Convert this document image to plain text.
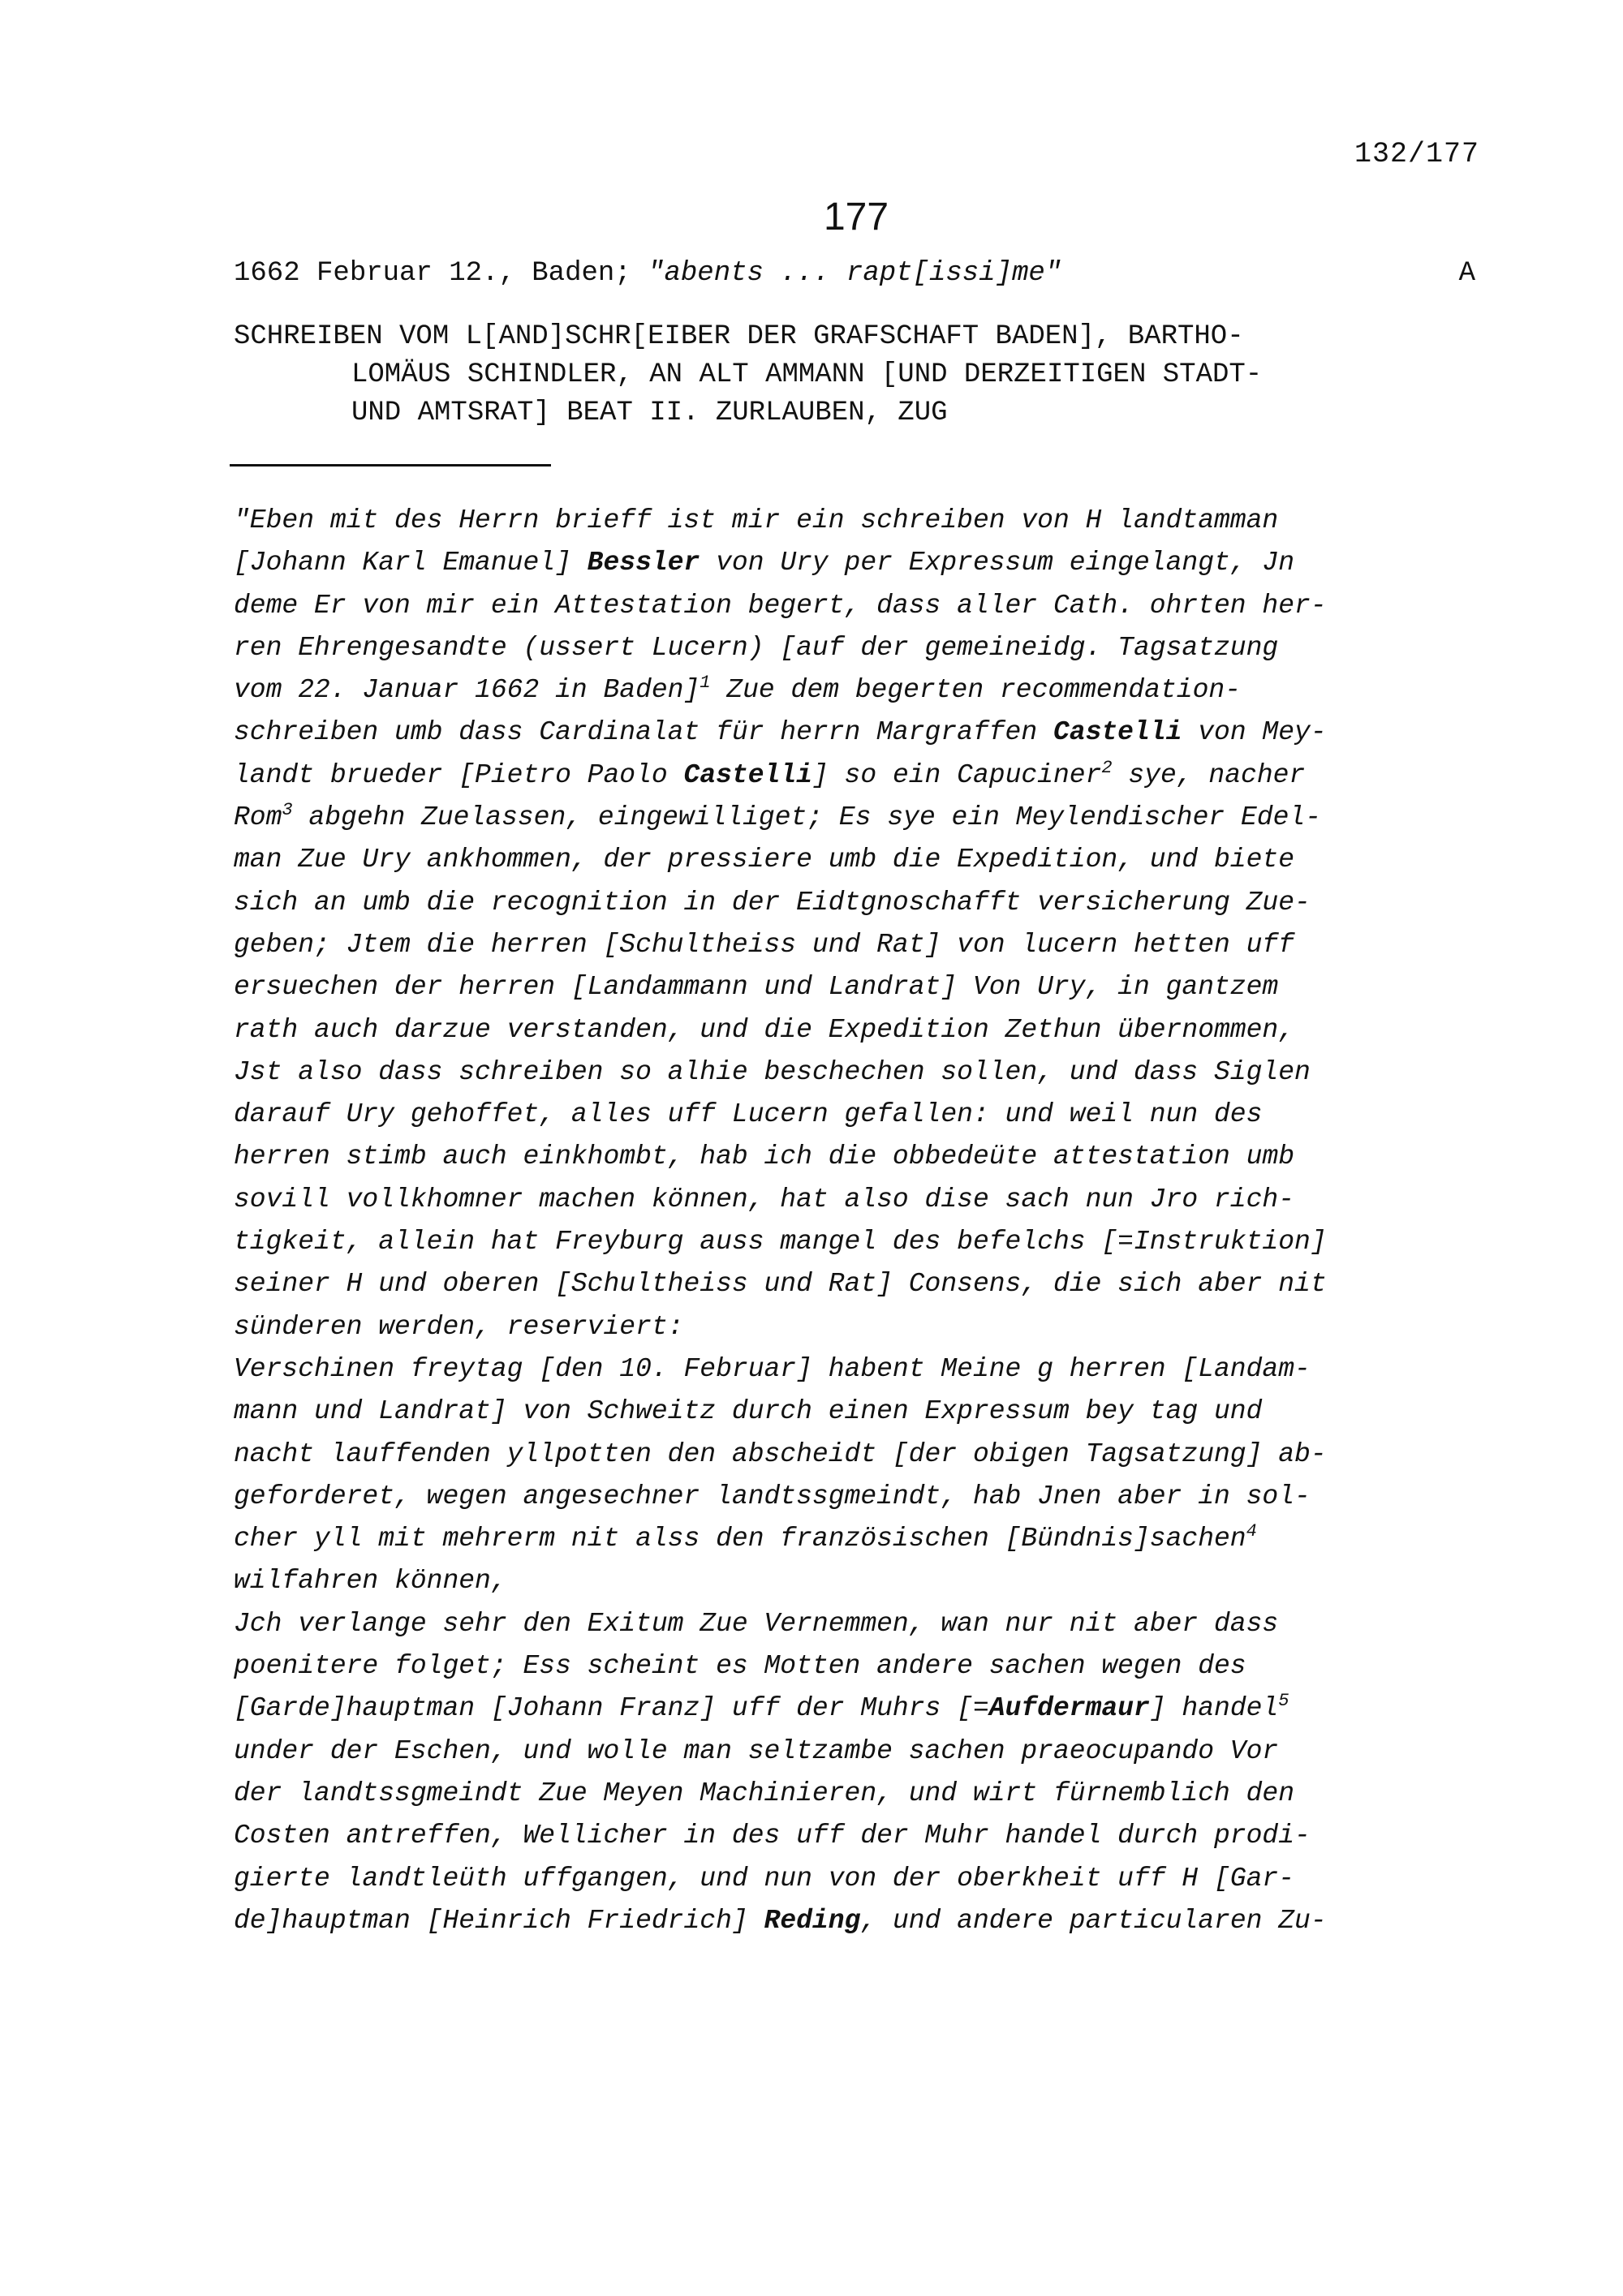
132/177
177
1662 Februar 12., Baden; "abents ... rapt[issi]me"	A
SCHREIBEN VOM L[AND]SCHR[EIBER DER GRAFSCHAFT BADEN], BARTHO-
LOMÄUS SCHINDLER, AN ALT AMMANN [UND DERZEITIGEN STADT-
UND AMTSRAT] BEAT II. ZURLAUBEN, ZUG
"Eben mit des Herrn brieff ist mir ein schreiben von H landtamman
[Johann Karl Emanuel] Bessler von Ury per Expressum eingelangt, Jn
deme Er von mir ein Attestation begert, dass aller Cath. ohrten her-
ren Ehrengesandte (ussert Lucern) [auf der gemeineidg. Tagsatzung
vom 22. Januar 1662 in Baden]$^1$ Zue dem begerten recommendation-
schreiben umb dass Cardinalat für herrn Margraffen Castelli von Mey-
landt brueder [Pietro Paolo Castelli] so ein Capuciner$^2$ sye, nacher
Rom$^3$ abgehn Zuelassen, eingewilliget; Es sye ein Meylendischer Edel-
man Zue Ury ankhommen, der pressiere umb die Expedition, und biete
sich an umb die recognition in der Eidtgnoschafft versicherung Zue-
geben; Jtem die herren [Schultheiss und Rat] von lucern hetten uff
ersuechen der herren [Landammann und Landrat] Von Ury, in gantzem
rath auch darzue verstanden, und die Expedition Zethun übernommen,
Jst also dass schreiben so alhie beschechen sollen, und dass Siglen
darauf Ury gehoffet, alles uff Lucern gefallen: und weil nun des
herren stimb auch einkhombt, hab ich die obbedeüte attestation umb
sovill vollkhomner machen können, hat also dise sach nun Jro rich-
tigkeit, allein hat Freyburg auss mangel des befelchs [=Instruktion]
seiner H und oberen [Schultheiss und Rat] Consens, die sich aber nit
sünderen werden, reserviert:
Verschinen freytag [den 10. Februar] habent Meine g herren [Landam-
mann und Landrat] von Schweitz durch einen Expressum bey tag und
nacht lauffenden yllpotten den abscheidt [der obigen Tagsatzung] ab-
geforderet, wegen angesechner landtssgmeindt, hab Jnen aber in sol-
cher yll mit mehrerm nit alss den französischen [Bündnis]sachen$^4$
wilfahren können,
Jch verlange sehr den Exitum Zue Vernemmen, wan nur nit aber dass
poenitere folget; Ess scheint es Motten andere sachen wegen des
[Garde]hauptman [Johann Franz] uff der Muhrs [=Aufdermaur] handel$^5$
under der Eschen, und wolle man seltzambe sachen praeocupando Vor
der landtssgmeindt Zue Meyen Machinieren, und wirt fürnemblich den
Costen antreffen, Wellicher in des uff der Muhr handel durch prodi-
gierte landtleüth uffgangen, und nun von der oberkheit uff H [Gar-
de]hauptman [Heinrich Friedrich] Reding, und andere particularen Zu-
